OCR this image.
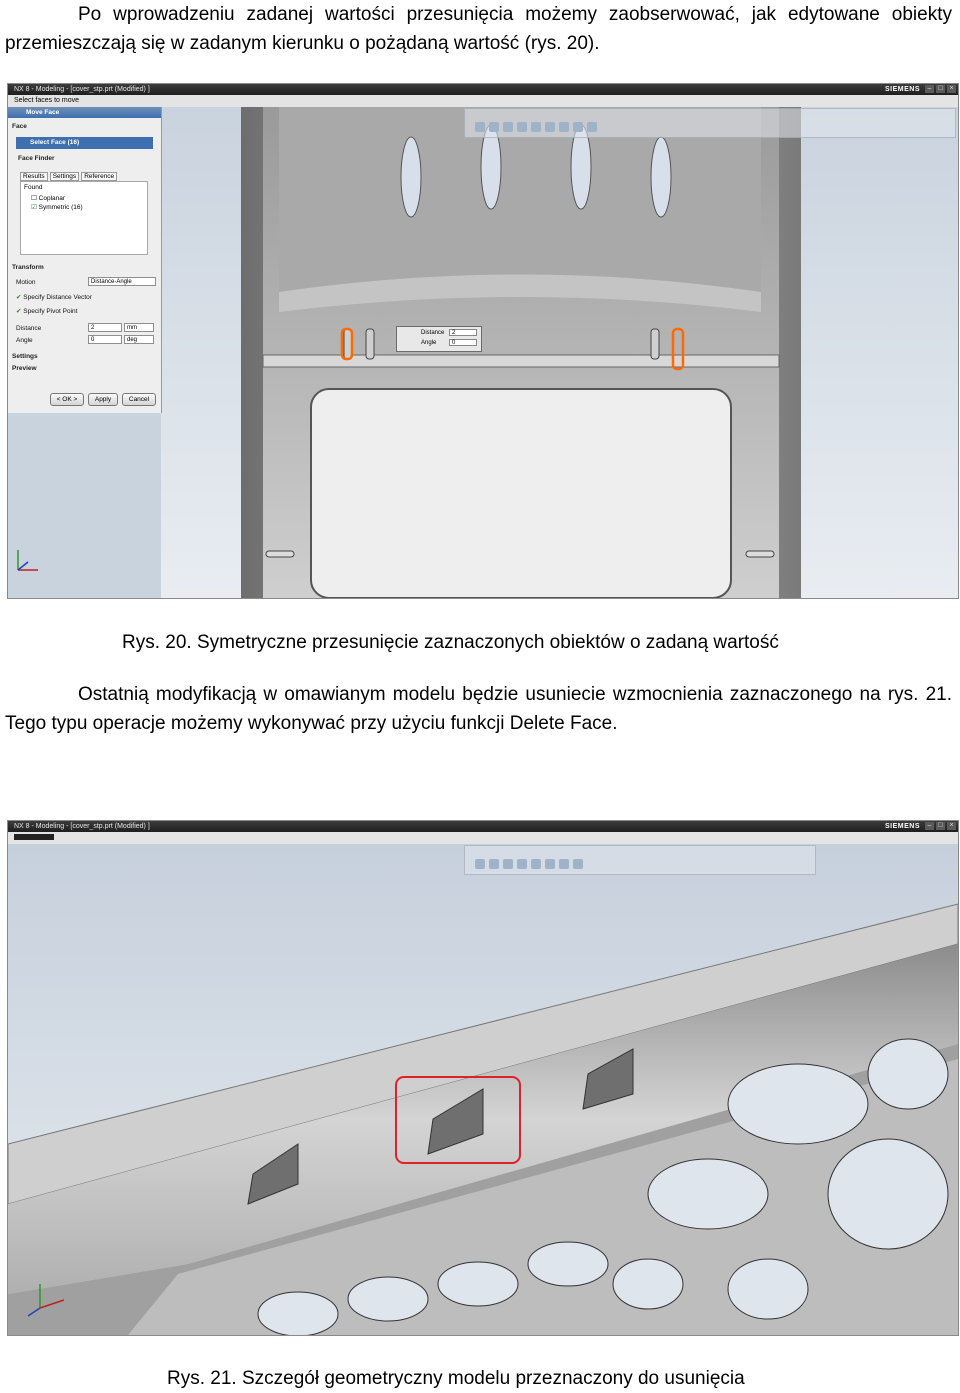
Po wprowadzeniu zadanej wartości przesunięcia możemy zaobserwować, jak edytowane obiekty przemieszczają się w zadanym kierunku o pożądaną wartość (rys. 20).
NX 8 - Modeling - [cover_stp.prt (Modified) ]	SIEMENS	– □ ×
Select faces to move
Move Face
Face
Select Face (16)
Face Finder
Results	Settings	Reference
Found
☐ Coplanar
☑ Symmetric (16)
Transform
Motion	Distance-Angle
✔ Specify Distance Vector
✔ Specify Pivot Point
Distance	2	mm
Angle	0	deg
Settings
Preview
< OK >	Apply	Cancel
Distance	2
Angle	0
Rys. 20. Symetryczne przesunięcie zaznaczonych obiektów o zadaną wartość
Ostatnią modyfikacją w omawianym modelu będzie usuniecie wzmocnienia zaznaczonego na rys. 21. Tego typu operacje możemy wykonywać przy użyciu funkcji Delete Face.
NX 8 - Modeling - [cover_stp.prt (Modified) ]	SIEMENS	– □ ×
Rys. 21. Szczegół geometryczny modelu przeznaczony do usunięcia
